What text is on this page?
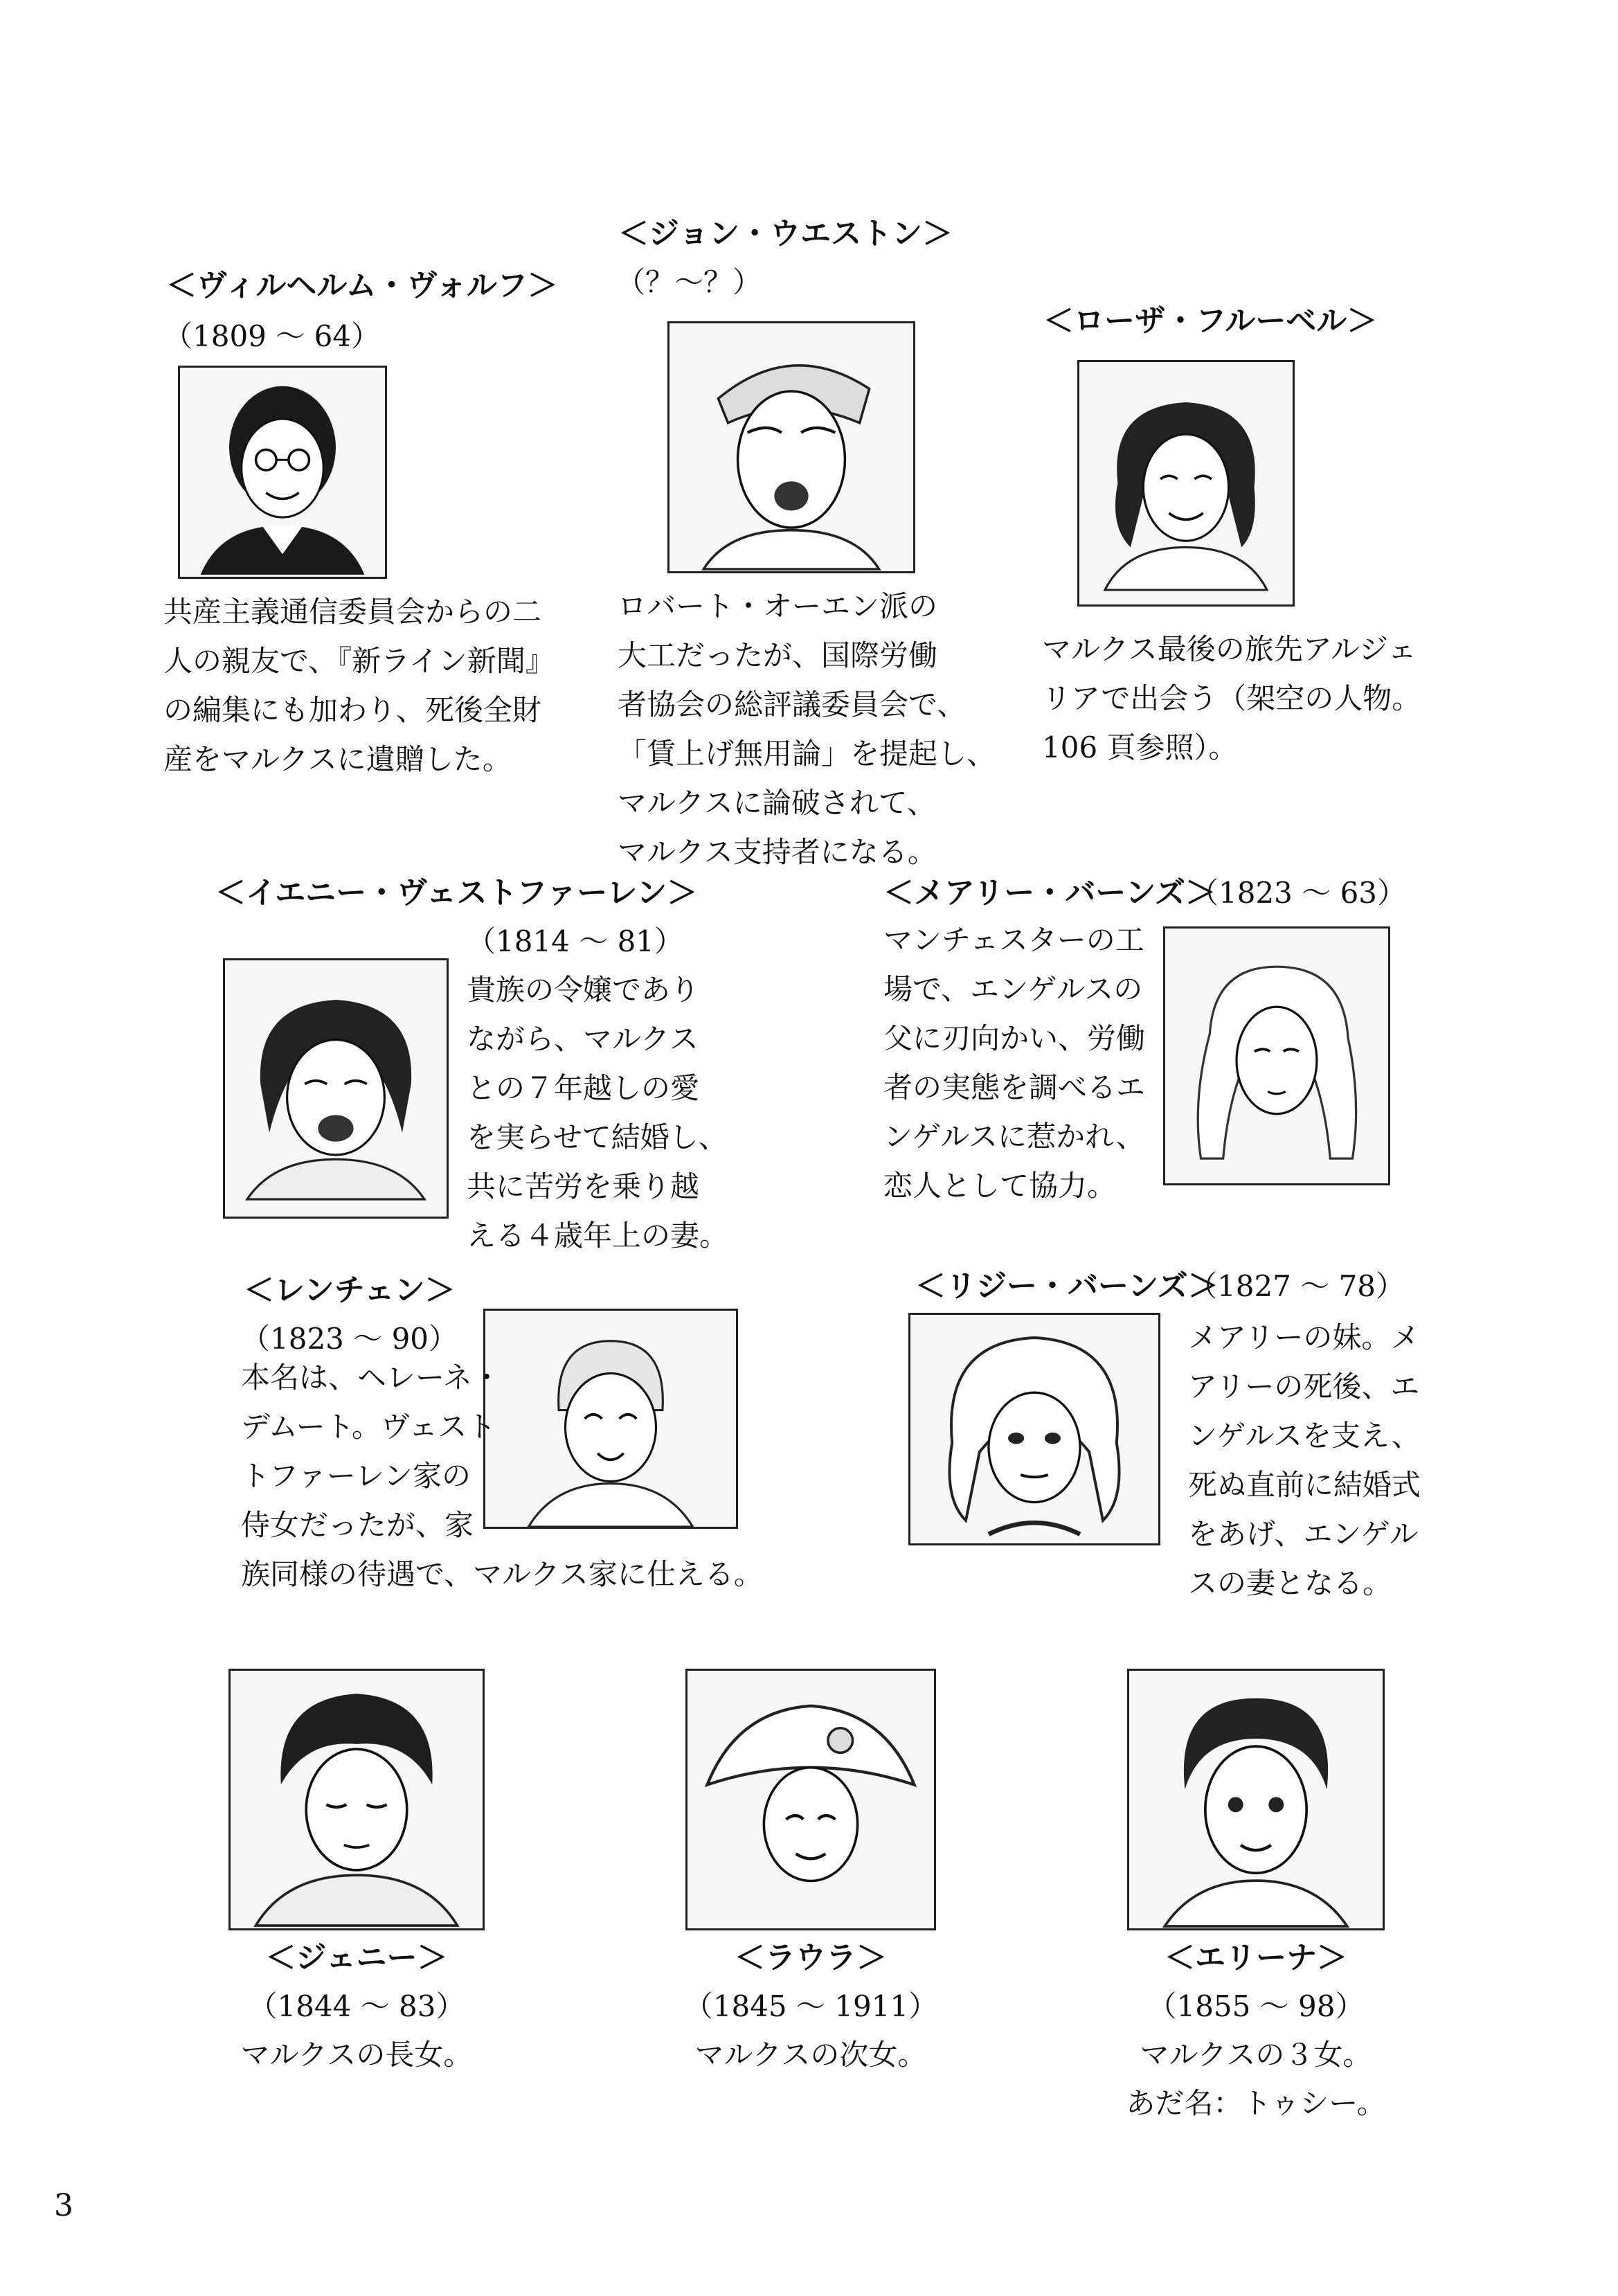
＜ヴィルヘルム・ヴォルフ＞
（1809 ～ 64）
共産主義通信委員会からの二
人の親友で、『新ライン新聞』
の編集にも加わり、死後全財
産をマルクスに遺贈した。
＜ジョン・ウエストン＞
（？～？）
ロバート・オーエン派の
大工だったが、国際労働
者協会の総評議委員会で、
「賃上げ無用論」を提起し、
マルクスに論破されて、
マルクス支持者になる。
＜ローザ・フルーベル＞
マルクス最後の旅先アルジェ
リアで出会う（架空の人物。
106 頁参照）。
＜イエニー・ヴェストファーレン＞
（1814 ～ 81）
貴族の令嬢であり
ながら、マルクス
との７年越しの愛
を実らせて結婚し、
共に苦労を乗り越
える４歳年上の妻。
＜メアリー・バーンズ＞
（1823 ～ 63）
マンチェスターの工
場で、エンゲルスの
父に刃向かい、労働
者の実態を調べるエ
ンゲルスに惹かれ、
恋人として協力。
＜レンチェン＞
（1823 ～ 90）
本名は、ヘレーネ・
デムート。ヴェスト
トファーレン家の
侍女だったが、家
族同様の待遇で、マルクス家に仕える。
＜リジー・バーンズ＞
（1827 ～ 78）
メアリーの妹。メ
アリーの死後、エ
ンゲルスを支え、
死ぬ直前に結婚式
をあげ、エンゲル
スの妻となる。
＜ジェニー＞
（1844 ～ 83）
マルクスの長女。
＜ラウラ＞
（1845 ～ 1911）
マルクスの次女。
＜エリーナ＞
（1855 ～ 98）
マルクスの３女。
あだ名：トゥシー。
3
